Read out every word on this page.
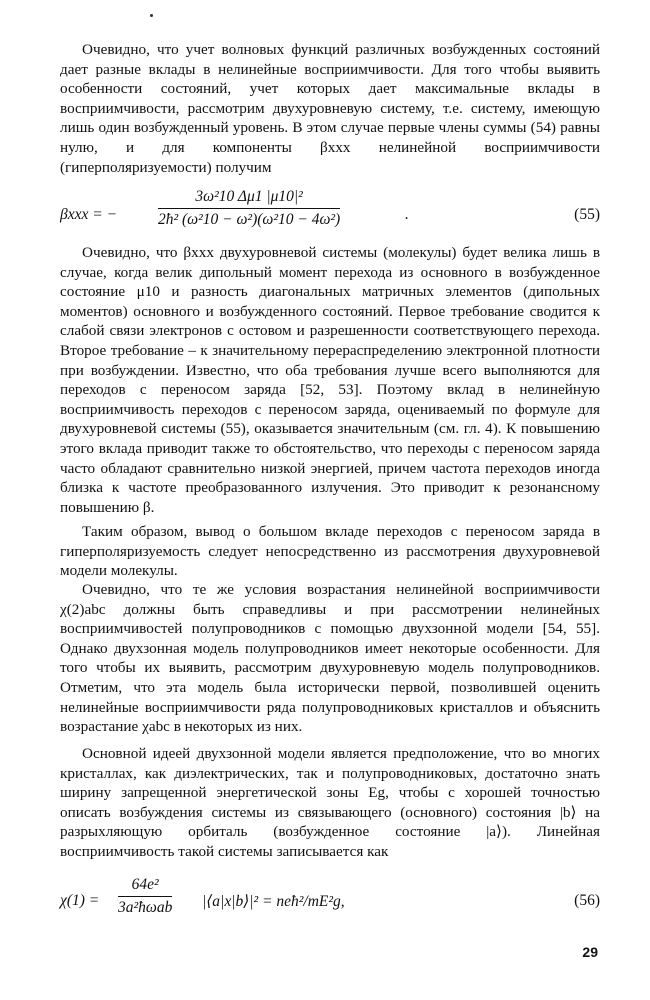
Очевидно, что учет волновых функций различных возбужденных состояний дает разные вклады в нелинейные восприимчивости. Для того чтобы выявить особенности состояний, учет которых дает максимальные вклады в восприимчивости, рассмотрим двухуровневую систему, т.е. систему, имеющую лишь один возбужденный уровень. В этом случае первые члены суммы (54) равны нулю, и для компоненты βxxx нелинейной восприимчивости (гиперполяризуемости) получим

βxxx = −	$\frac{\text{3ω²10 Δμ1 |μ10|²}}{\text{2ħ² (ω²10 − ω²)(ω²10 − 4ω²)}}$	.	(55)

Очевидно, что βxxx двухуровневой системы (молекулы) будет велика лишь в случае, когда велик дипольный момент перехода из основного в возбужденное состояние μ10 и разность диагональных матричных элементов (дипольных моментов) основного и возбужденного состояний. Первое требование сводится к слабой связи электронов с остовом и разрешенности соответствующего перехода. Второе требование – к значительному перераспределению электронной плотности при возбуждении. Известно, что оба требования лучше всего выполняются для переходов с переносом заряда [52, 53]. Поэтому вклад в нелинейную восприимчивость переходов с переносом заряда, оцениваемый по формуле для двухуровневой системы (55), оказывается значительным (см. гл. 4). К повышению этого вклада приводит также то обстоятельство, что переходы с переносом заряда часто обладают сравнительно низкой энергией, причем частота переходов иногда близка к частоте преобразованного излучения. Это приводит к резонансному повышению β.

Таким образом, вывод о большом вкладе переходов с переносом заряда в гиперполяризуемость следует непосредственно из рассмотрения двухуровневой модели молекулы.

Очевидно, что те же условия возрастания нелинейной восприимчивости χ(2)abc должны быть справедливы и при рассмотрении нелинейных восприимчивостей полупроводников с помощью двухзонной модели [54, 55]. Однако двухзонная модель полупроводников имеет некоторые особенности. Для того чтобы их выявить, рассмотрим двухуровневую модель полупроводников. Отметим, что эта модель была исторически первой, позволившей оценить нелинейные восприимчивости ряда полупроводниковых кристаллов и объяснить возрастание χabc в некоторых из них.

Основной идеей двухзонной модели является предположение, что во многих кристаллах, как диэлектрических, так и полупроводниковых, достаточно знать ширину запрещенной энергетической зоны Eg, чтобы с хорошей точностью описать возбуждения системы из связывающего (основного) состояния |b⟩ на разрыхляющую орбиталь (возбужденное состояние |a⟩). Линейная восприимчивость такой системы записывается как

χ(1) =
64e²
3a²ħωab |⟨a|x|b⟩|² = neħ²/mE²g,	(56)
29
